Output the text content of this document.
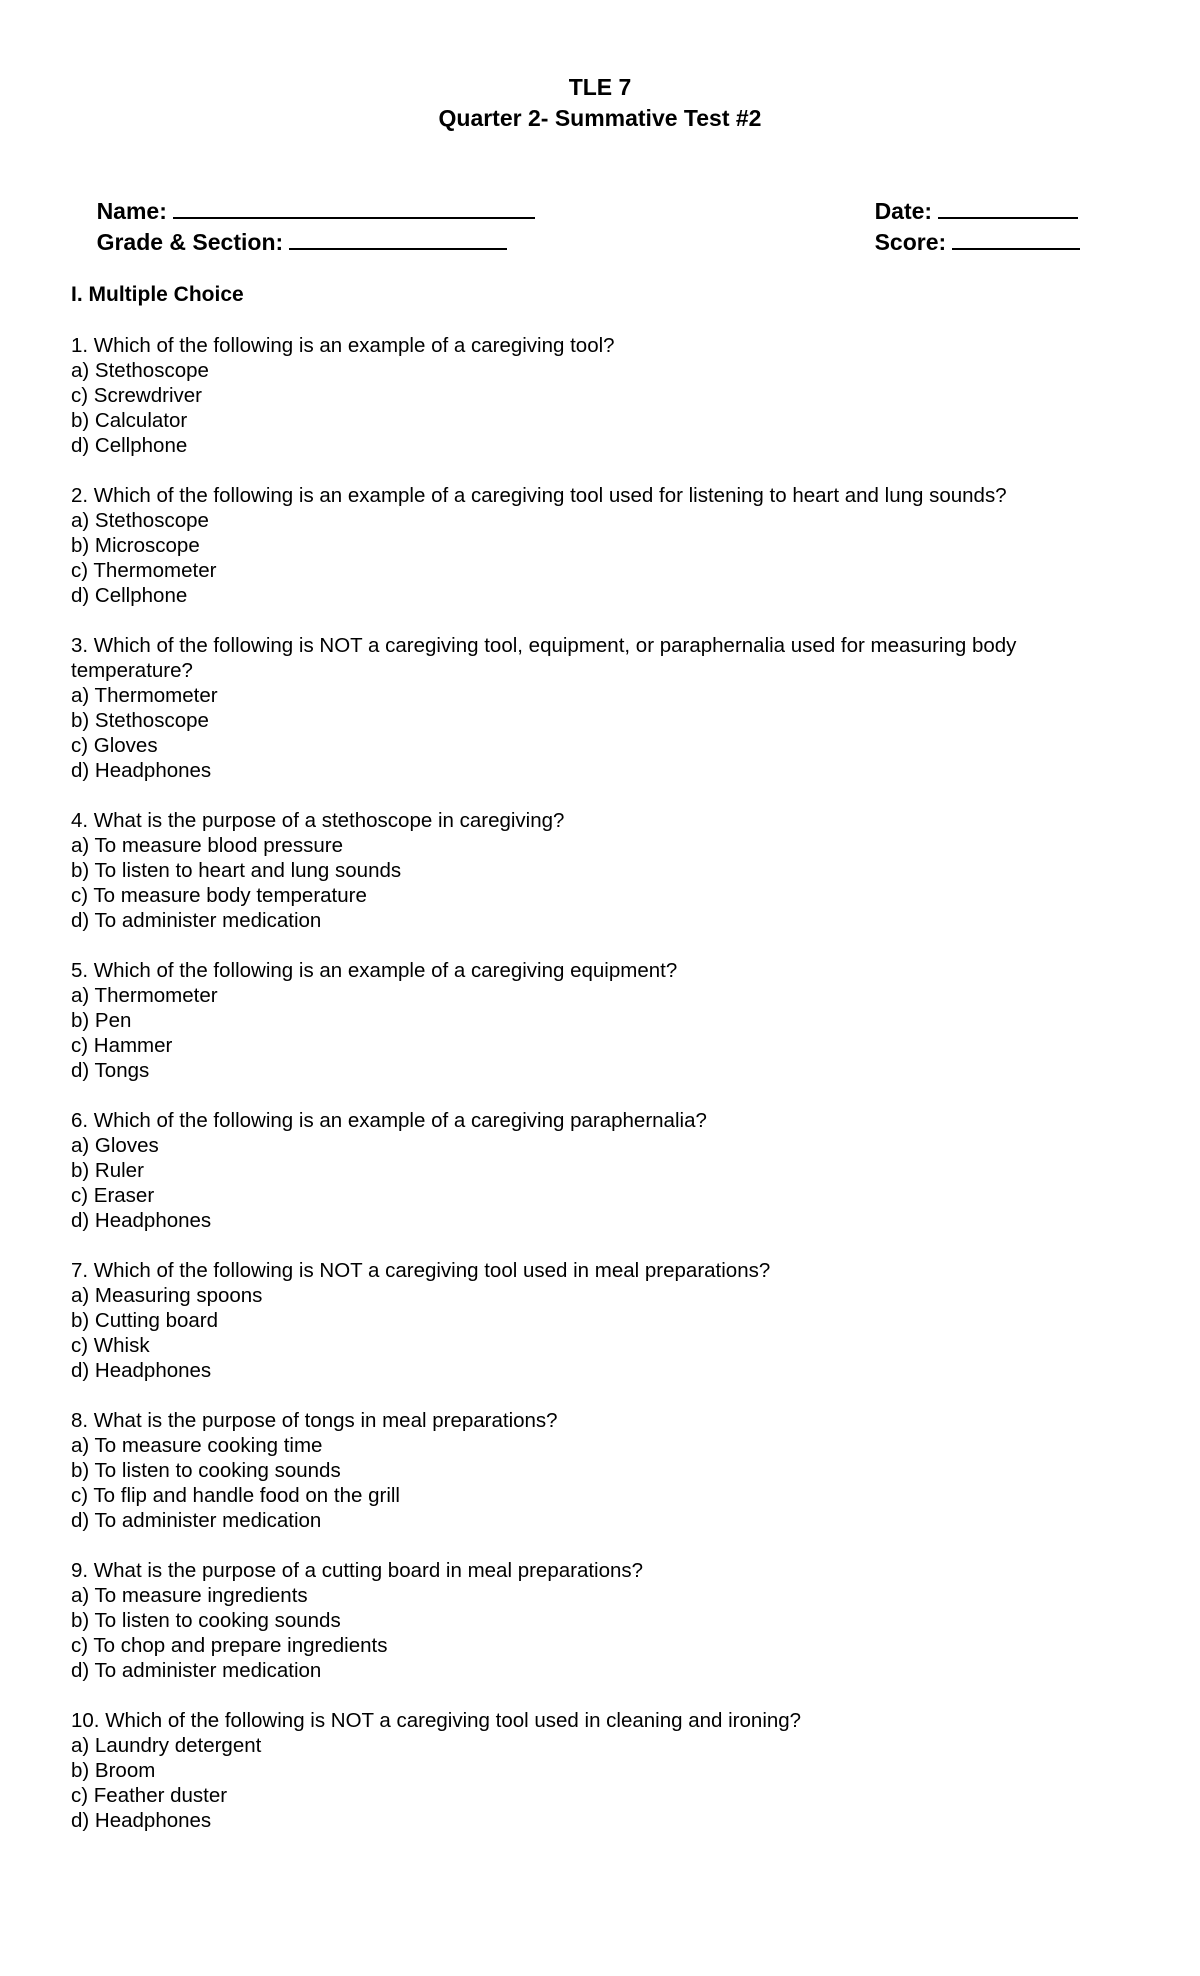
TLE 7
Quarter 2- Summative Test #2

Name:

Grade & Section:

Date:

Score:

I. Multiple Choice
1. Which of the following is an example of a caregiving tool?
a) Stethoscope
c) Screwdriver
b) Calculator
d) Cellphone
2. Which of the following is an example of a caregiving tool used for listening to heart and lung sounds?
a) Stethoscope
b) Microscope
c) Thermometer
d) Cellphone
3. Which of the following is NOT a caregiving tool, equipment, or paraphernalia used for measuring body temperature?
a) Thermometer
b) Stethoscope
c) Gloves
d) Headphones
4. What is the purpose of a stethoscope in caregiving?
a) To measure blood pressure
b) To listen to heart and lung sounds
c) To measure body temperature
d) To administer medication
5. Which of the following is an example of a caregiving equipment?
a) Thermometer
b) Pen
c) Hammer
d) Tongs
6. Which of the following is an example of a caregiving paraphernalia?
a) Gloves
b) Ruler
c) Eraser
d) Headphones
7. Which of the following is NOT a caregiving tool used in meal preparations?
a) Measuring spoons
b) Cutting board
c) Whisk
d) Headphones
8. What is the purpose of tongs in meal preparations?
a) To measure cooking time
b) To listen to cooking sounds
c) To flip and handle food on the grill
d) To administer medication
9. What is the purpose of a cutting board in meal preparations?
a) To measure ingredients
b) To listen to cooking sounds
c) To chop and prepare ingredients
d) To administer medication
10. Which of the following is NOT a caregiving tool used in cleaning and ironing?
a) Laundry detergent
b) Broom
c) Feather duster
d) Headphones
